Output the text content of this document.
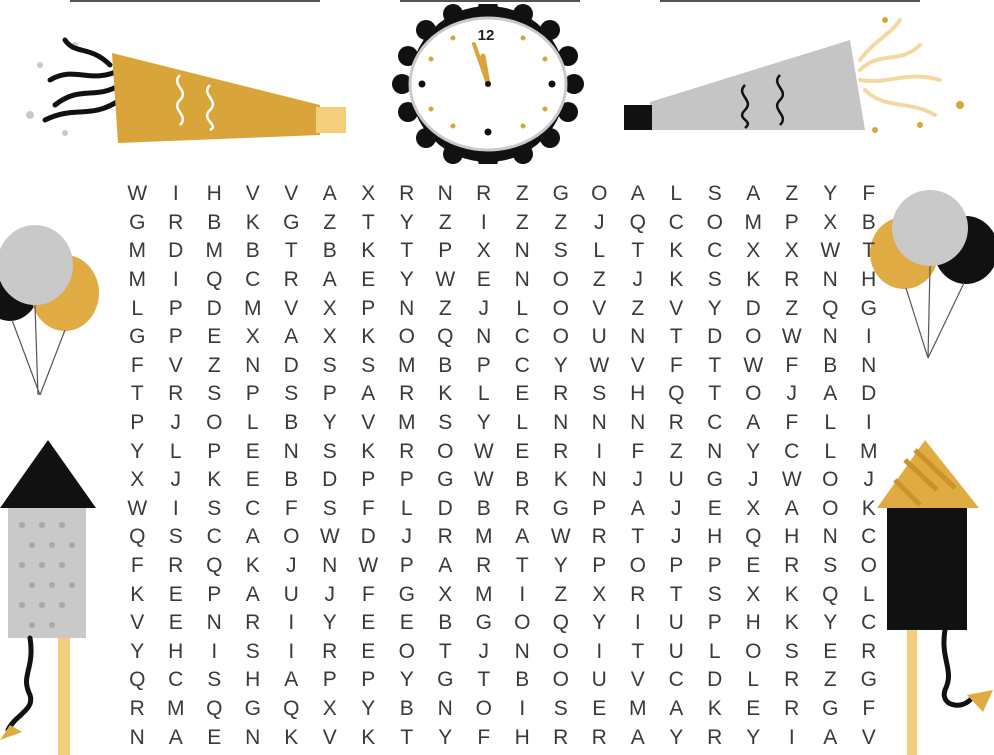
12
W	I	H	V	V	A	X	R	N	R	Z	G	O	A	L	S	A	Z	Y	F
G	R	B	K	G	Z	T	Y	Z	I	Z	Z	J	Q	C	O	M	P	X	B
M	D	M	B	T	B	K	T	P	X	N	S	L	T	K	C	X	X	W	T
M	I	Q	C	R	A	E	Y	W	E	N	O	Z	J	K	S	K	R	N	H
L	P	D	M	V	X	P	N	Z	J	L	O	V	Z	V	Y	D	Z	Q	G
G	P	E	X	A	X	K	O	Q	N	C	O	U	N	T	D	O W	N	I
F	V	Z	N	D	S	S	M	B	P	C	Y	W	V	F	T	W	F	B	N
T	R	S	P	S	P	A	R	K	L	E	R	S	H	Q	T	O	J	A	D
P	J	O	L	B	Y	V	M	S	Y	L	N	N	N	R	C	A	F	L	I
Y	L	P	E	N	S	K	R	O W	E	R	I	F	Z	N	Y	C	L	M
X	J	K	E	B	D	P	P	G W	B	K	N	J	U	G	J	W O	J
W	I	S	C	F	S	F	L	D	B	R	G	P	A	J	E	X	A	O	K
Q	S	C	A	O W	D	J	R	M	A	W	R	T	J	H	Q	H	N	C
F	R	Q	K	J	N	W	P	A	R	T	Y	P	O	P	P	E	R	S	O
K	E	P	A	U	J	F	G	X	M	I	Z	X	R	T	S	X	K	Q	L
V	E	N	R	I	Y	E	E	B	G	O	Q	Y	I	U	P	H	K	Y	C
Y	H	I	S	I	R	E	O	T	J	N	O	I	T	U	L	O	S	E	R
Q	C	S	H	A	P	P	Y	G	T	B	O	U	V	C	D	L	R	Z	G
R	M	Q	G	Q	X	Y	B	N	O	I	S	E	M	A	K	E	R	G	F
N	A	E	N	K	V	K	T	Y	F	H	R	R	A	Y	R	Y	I	A	V
